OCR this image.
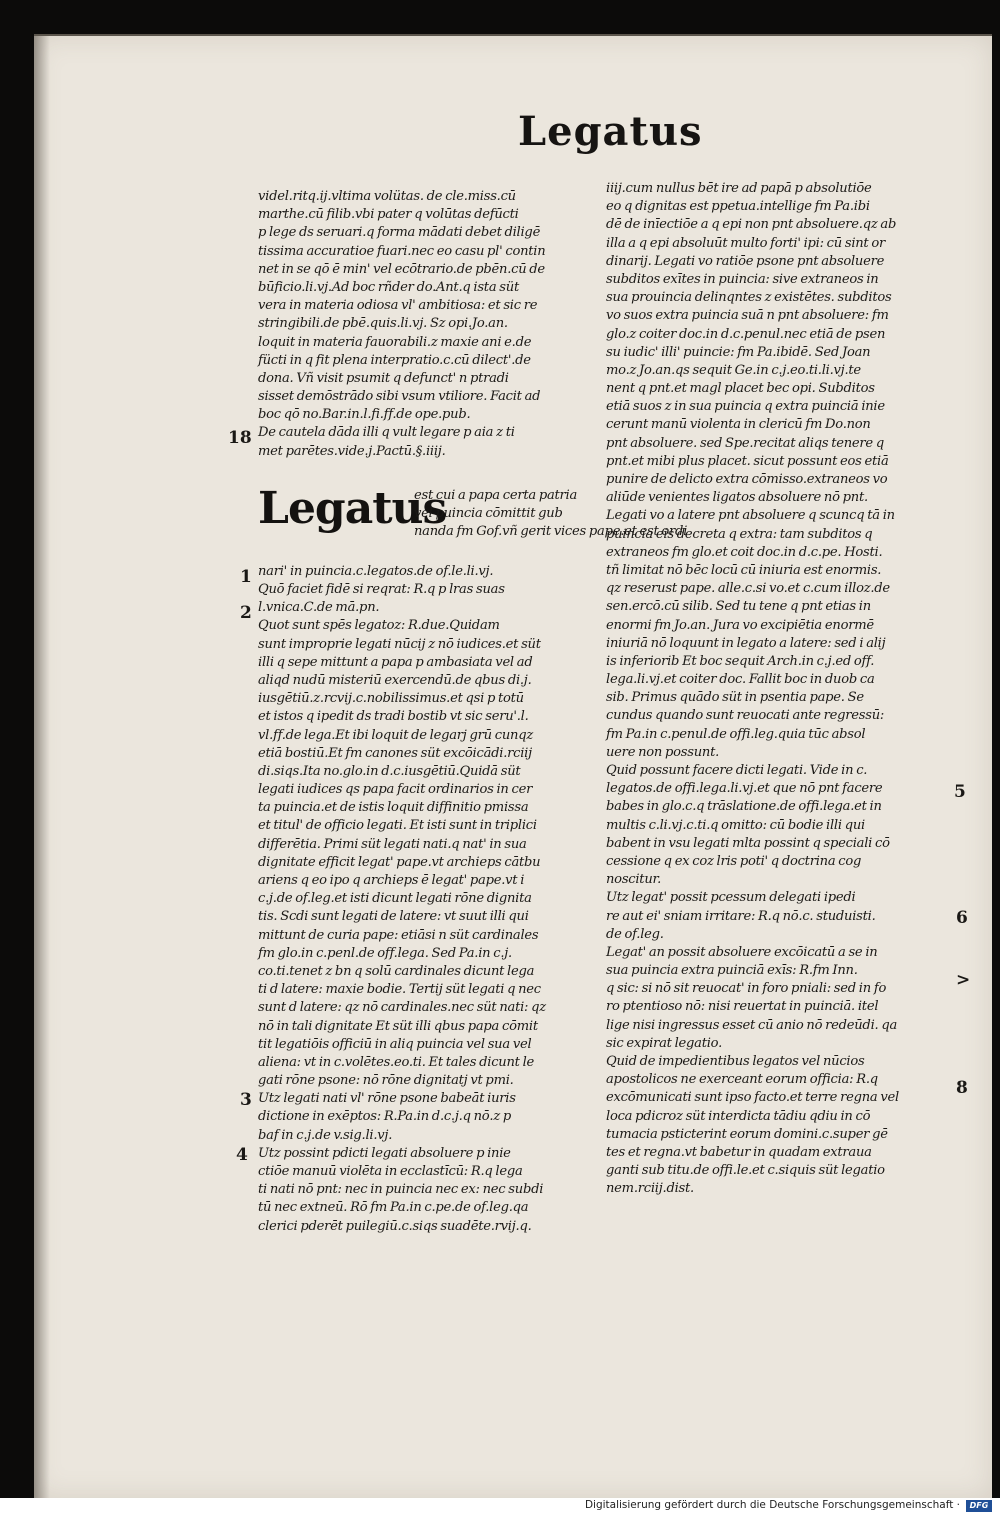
Legatus
videl.ritq.ij.vltima volütas. de cle.miss.cū
marthe.cū filib.vbi pater q volūtas defūcti
p lege ds seruari.q forma mādati debet diligē
tissima accuratioe fuari.nec eo casu pl' contin
net in se qō ē min' vel ecōtrario.de pbēn.cū de
būficio.li.vj.Ad boc rñder do.Ant.q ista süt
vera in materia odiosa vl' ambitiosa: et sic re
stringibili.de pbē.quis.li.vj. Sz opi.Jo.an.
loquit in materia fauorabili.z maxie ani e.de
fücti in q fit plena interpratio.c.cū dilect'.de
dona. Vñ visit psumit q defunct' n ptradi
sisset demōstrādo sibi vsum vtiliore. Facit ad
boc qō no.Bar.in.l.fi.ff.de ope.pub.
De cautela dāda illi q vult legare p aia z ti
met parētes.vide.j.Pactū.§.iiij.
Legatus
est cui a papa certa patria
vel puincia cōmittit gub
nanda fm Gof.vñ gerit vices pape.et est ordi
nari' in puincia.c.legatos.de of.le.li.vj.
Quō faciet fidē si reqrat: R.q p lras suas
l.vnica.C.de mā.pn.
Quot sunt spēs legatoz: R.due.Quidam
sunt improprie legati nūcij z nō iudices.et süt
illi q sepe mittunt a papa p ambasiata vel ad
aliqd nudū misteriū exercendū.de qbus di.j.
iusgētiū.z.rcvij.c.nobilissimus.et qsi p totū
et istos q ipedit ds tradi bostib vt sic seru'.l.
vl.ff.de lega.Et ibi loquit de legarj grū cunqz
etiā bostiū.Et fm canones süt excōicādi.rciij
di.siqs.Ita no.glo.in d.c.iusgētiū.Quidā süt
legati iudices qs papa facit ordinarios in cer
ta puincia.et de istis loquit diffinitio pmissa
et titul' de officio legati. Et isti sunt in triplici
differētia. Primi süt legati nati.q nat' in sua
dignitate efficit legat' pape.vt archieps cātbu
ariens q eo ipo q archieps ē legat' pape.vt i
c.j.de of.leg.et isti dicunt legati rōne dignita
tis. Scdi sunt legati de latere: vt suut illi qui
mittunt de curia pape: etiāsi n süt cardinales
fm glo.in c.penl.de off.lega. Sed Pa.in c.j.
co.ti.tenet z bn q solū cardinales dicunt lega
ti d latere: maxie bodie. Tertij süt legati q nec
sunt d latere: qz nō cardinales.nec süt nati: qz
nō in tali dignitate Et süt illi qbus papa cōmit
tit legatiōis officiū in aliq puincia vel sua vel
aliena: vt in c.volētes.eo.ti. Et tales dicunt le
gati rōne psone: nō rōne dignitatj vt pmi.
Utz legati nati vl' rōne psone babeāt iuris
dictione in exēptos: R.Pa.in d.c.j.q nō.z p
baf in c.j.de v.sig.li.vj.
Utz possint pdicti legati absoluere p inie
ctiōe manuū violēta in ecclastīcū: R.q lega
ti nati nō pnt: nec in puincia nec ex: nec subdi
tū nec extneū. Rō fm Pa.in c.pe.de of.leg.qa
clerici pderēt puilegiū.c.siqs suadēte.rvij.q.
iiij.cum nullus bēt ire ad papā p absolutiōe
eo q dignitas est ppetua.intellige fm Pa.ibi
dē de inīectiōe a q epi non pnt absoluere.qz ab
illa a q epi absoluūt multo forti' ipi: cū sint or
dinarij. Legati vo ratiōe psone pnt absoluere
subditos exītes in puincia: sive extraneos in
sua prouincia delinqntes z existētes. subditos
vo suos extra puincia suā n pnt absoluere: fm
glo.z coiter doc.in d.c.penul.nec etiā de psen
su iudic' illi' puincie: fm Pa.ibidē. Sed Joan
mo.z Jo.an.qs sequit Ge.in c.j.eo.ti.li.vj.te
nent q pnt.et magl placet bec opi. Subditos
etiā suos z in sua puincia q extra puinciā inie
cerunt manū violenta in clericū fm Do.non
pnt absoluere. sed Spe.recitat aliqs tenere q
pnt.et mibi plus placet. sicut possunt eos etiā
punire de delicto extra cōmisso.extraneos vo
aliūde venientes ligatos absoluere nō pnt.
Legati vo a latere pnt absoluere q scuncq tā in
puincia eis decreta q extra: tam subditos q
extraneos fm glo.et coit doc.in d.c.pe. Hosti.
tñ limitat nō bēc locū cū iniuria est enormis.
qz reserust pape. alle.c.si vo.et c.cum illoz.de
sen.ercō.cū silib. Sed tu tene q pnt etias in
enormi fm Jo.an. Jura vo excipiētia enormē
iniuriā nō loquunt in legato a latere: sed i alij
is inferiorib Et boc sequit Arch.in c.j.ed off.
lega.li.vj.et coiter doc. Fallit boc in duob ca
sib. Primus quādo süt in psentia pape. Se
cundus quando sunt reuocati ante regressū:
fm Pa.in c.penul.de offi.leg.quia tūc absol
uere non possunt.
Quid possunt facere dicti legati. Vide in c.
legatos.de offi.lega.li.vj.et que nō pnt facere
babes in glo.c.q trāslatione.de offi.lega.et in
multis c.li.vj.c.ti.q omitto: cū bodie illi qui
babent in vsu legati mlta possint q speciali cō
cessione q ex coz lris poti' q doctrina cog
noscitur.
Utz legat' possit pcessum delegati ipedi
re aut ei' sniam irritare: R.q nō.c. studuisti.
de of.leg.
Legat' an possit absoluere excōicatū a se in
sua puincia extra puinciā exīs: R.fm Inn.
q sic: si nō sit reuocat' in foro pniali: sed in fo
ro ptentioso nō: nisi reuertat in puinciā. itel
lige nisi ingressus esset cū anio nō redeūdi. qa
sic expirat legatio.
Quid de impedientibus legatos vel nūcios
apostolicos ne exerceant eorum officia: R.q
excōmunicati sunt ipso facto.et terre regna vel
loca pdicroz süt interdicta tādiu qdiu in cō
tumacia psticterint eorum domini.c.super gē
tes et regna.vt babetur in quadam extraua
ganti sub titu.de offi.le.et c.siquis süt legatio
nem.rciij.dist.
18
1
2
3
4
5
6
>
8
Digitalisierung gefördert durch die Deutsche Forschungsgemeinschaft ·	DFG
